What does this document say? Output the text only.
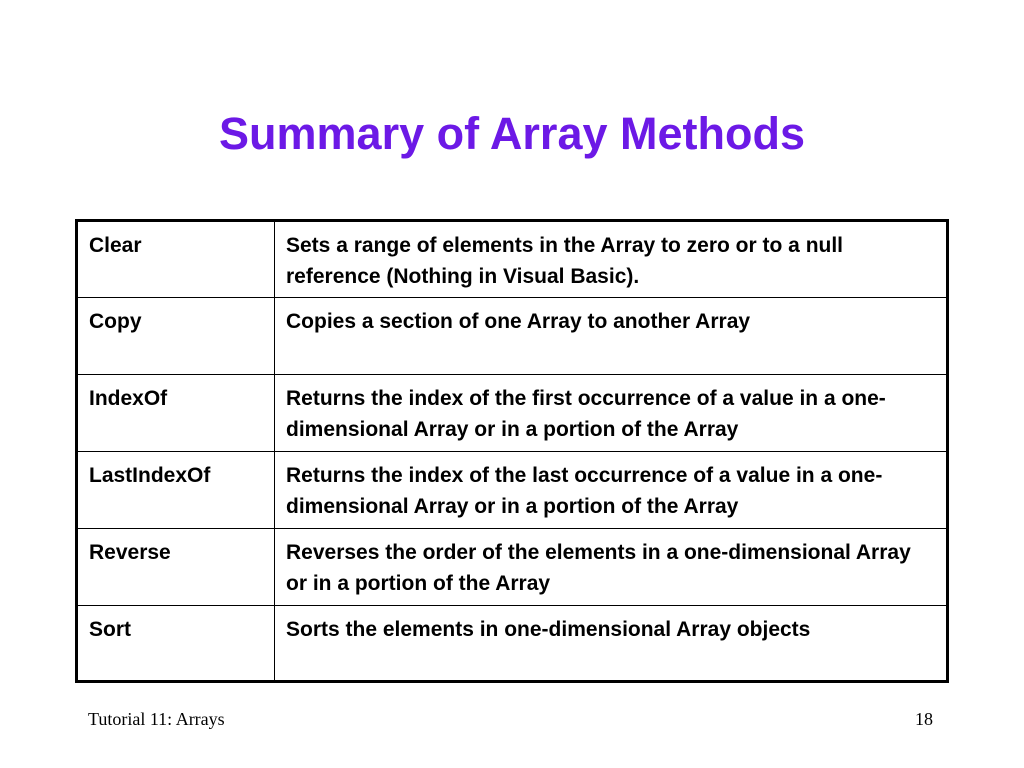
Summary of Array Methods
Clear	Sets a range of elements in the Array to zero or to a null reference (Nothing in Visual Basic).
Copy	Copies a section of one Array to another Array
IndexOf	Returns the index of the first occurrence of a value in a one-dimensional Array or in a portion of the Array
LastIndexOf	Returns the index of the last occurrence of a value in a one-dimensional Array or in a portion of the Array
Reverse	Reverses the order of the elements in a one-dimensional Array or in a portion of the Array
Sort	Sorts the elements in one-dimensional Array objects
Tutorial 11: Arrays	18
